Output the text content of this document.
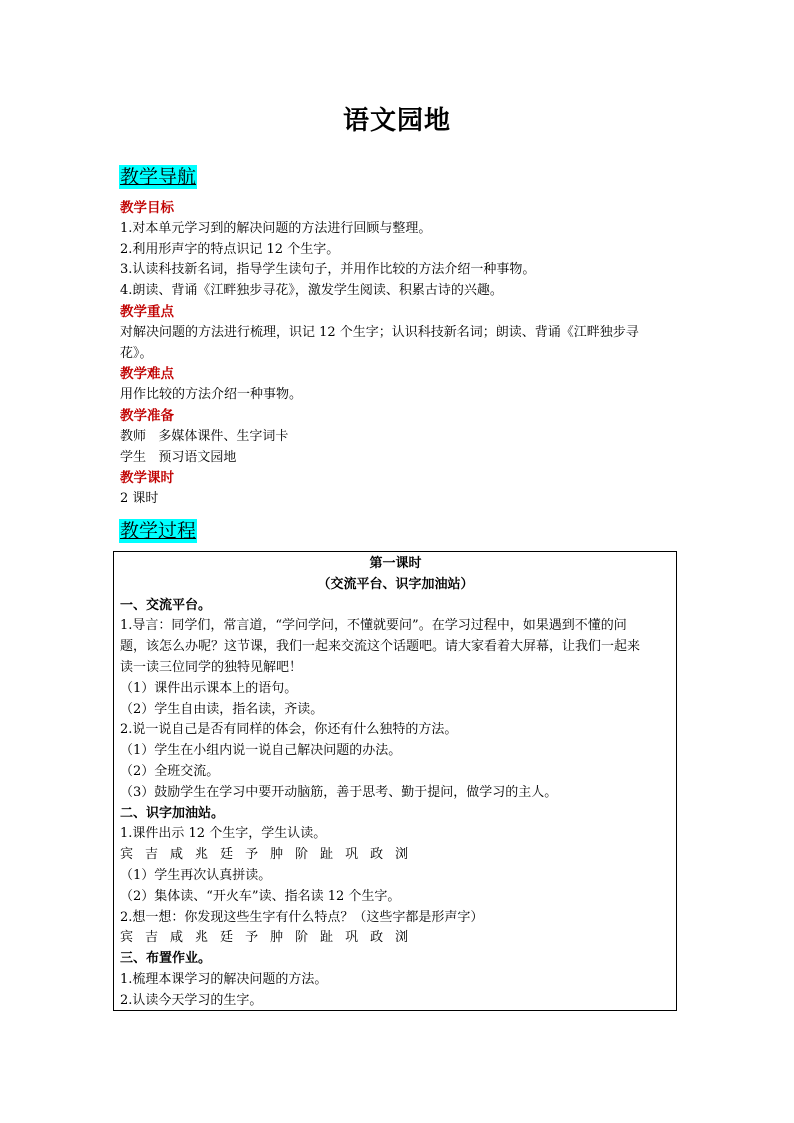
语文园地
教学导航
教学目标
1.对本单元学习到的解决问题的方法进行回顾与整理。
2.利用形声字的特点识记 12 个生字。
3.认读科技新名词，指导学生读句子，并用作比较的方法介绍一种事物。
4.朗读、背诵《江畔独步寻花》，激发学生阅读、积累古诗的兴趣。
教学重点
对解决问题的方法进行梳理，识记 12 个生字；认识科技新名词；朗读、背诵《江畔独步寻
花》。
教学难点
用作比较的方法介绍一种事物。
教学准备
教师   多媒体课件、生字词卡
学生   预习语文园地
教学课时
2 课时
教学过程
第一课时
（交流平台、识字加油站）
一、交流平台。
1.导言：同学们，常言道，“学问学问，不懂就要问”。在学习过程中，如果遇到不懂的问
题，该怎么办呢？这节课，我们一起来交流这个话题吧。请大家看着大屏幕，让我们一起来
读一读三位同学的独特见解吧！
（1）课件出示课本上的语句。
（2）学生自由读，指名读，齐读。
2.说一说自己是否有同样的体会，你还有什么独特的方法。
（1）学生在小组内说一说自己解决问题的办法。
（2）全班交流。
（3）鼓励学生在学习中要开动脑筋，善于思考、勤于提问，做学习的主人。
二、识字加油站。
1.课件出示 12 个生字，学生认读。
宾 吉 咸 兆 廷 予 肿 阶 趾 巩 政 浏
（1）学生再次认真拼读。
（2）集体读、“开火车”读、指名读 12 个生字。
2.想一想：你发现这些生字有什么特点？（这些字都是形声字）
宾 吉 咸 兆 廷 予 肿 阶 趾 巩 政 浏
三、布置作业。
1.梳理本课学习的解决问题的方法。
2.认读今天学习的生字。
